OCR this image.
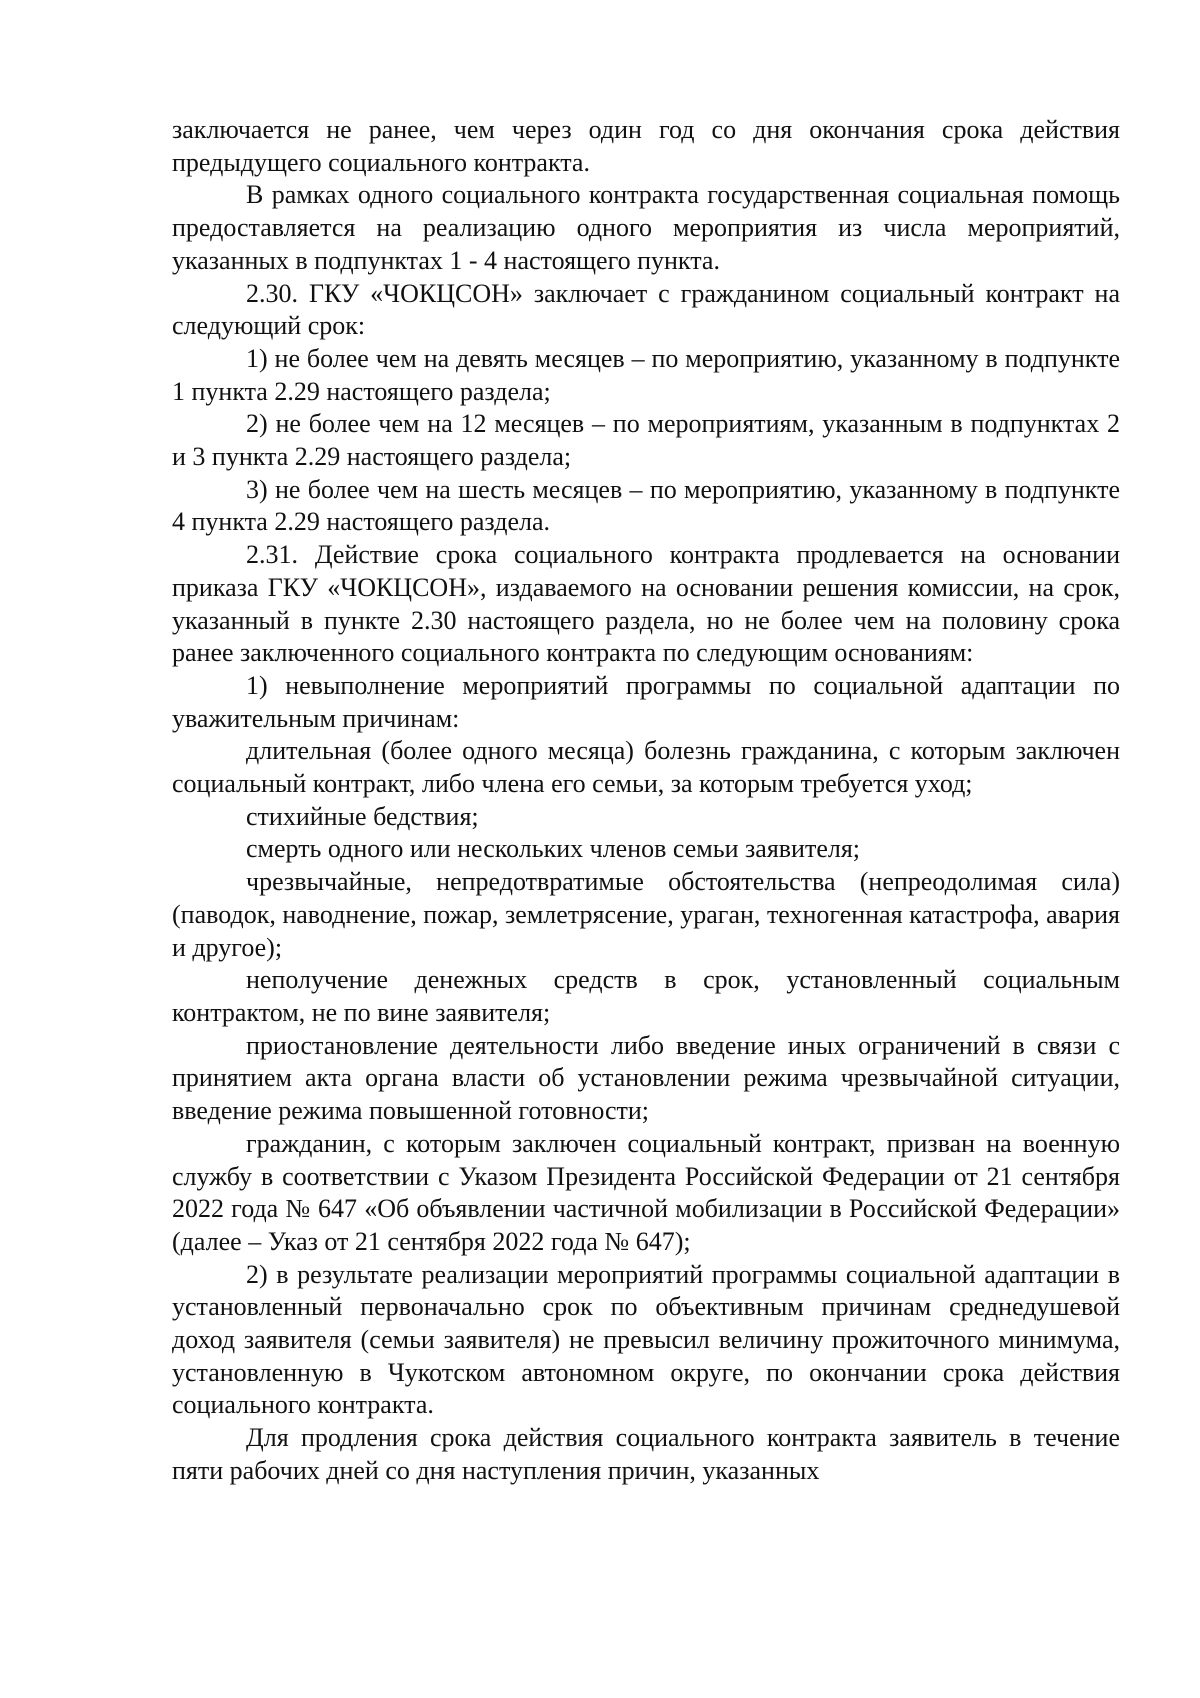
заключается не ранее, чем через один год со дня окончания срока действия предыдущего социального контракта.

В рамках одного социального контракта государственная социальная помощь предоставляется на реализацию одного мероприятия из числа мероприятий, указанных в подпунктах 1 - 4 настоящего пункта.

2.30. ГКУ «ЧОКЦСОН» заключает с гражданином социальный контракт на следующий срок:

1) не более чем на девять месяцев – по мероприятию, указанному в подпункте 1 пункта 2.29 настоящего раздела;

2) не более чем на 12 месяцев – по мероприятиям, указанным в подпунктах 2 и 3 пункта 2.29 настоящего раздела;

3) не более чем на шесть месяцев – по мероприятию, указанному в подпункте 4 пункта 2.29 настоящего раздела.

2.31. Действие срока социального контракта продлевается на основании приказа ГКУ «ЧОКЦСОН», издаваемого на основании решения комиссии, на срок, указанный в пункте 2.30 настоящего раздела, но не более чем на половину срока ранее заключенного социального контракта по следующим основаниям:

1) невыполнение мероприятий программы по социальной адаптации по уважительным причинам:

длительная (более одного месяца) болезнь гражданина, с которым заключен социальный контракт, либо члена его семьи, за которым требуется уход;

стихийные бедствия;

смерть одного или нескольких членов семьи заявителя;

чрезвычайные, непредотвратимые обстоятельства (непреодолимая сила) (паводок, наводнение, пожар, землетрясение, ураган, техногенная катастрофа, авария и другое);

неполучение денежных средств в срок, установленный социальным контрактом, не по вине заявителя;

приостановление деятельности либо введение иных ограничений в связи с принятием акта органа власти об установлении режима чрезвычайной ситуации, введение режима повышенной готовности;

гражданин, с которым заключен социальный контракт, призван на военную службу в соответствии с Указом Президента Российской Федерации от 21 сентября 2022 года № 647 «Об объявлении частичной мобилизации в Российской Федерации» (далее – Указ от 21 сентября 2022 года № 647);

2) в результате реализации мероприятий программы социальной адаптации в установленный первоначально срок по объективным причинам среднедушевой доход заявителя (семьи заявителя) не превысил величину прожиточного минимума, установленную в Чукотском автономном округе, по окончании срока действия социального контракта.

Для продления срока действия социального контракта заявитель в течение пяти рабочих дней со дня наступления причин, указанных
